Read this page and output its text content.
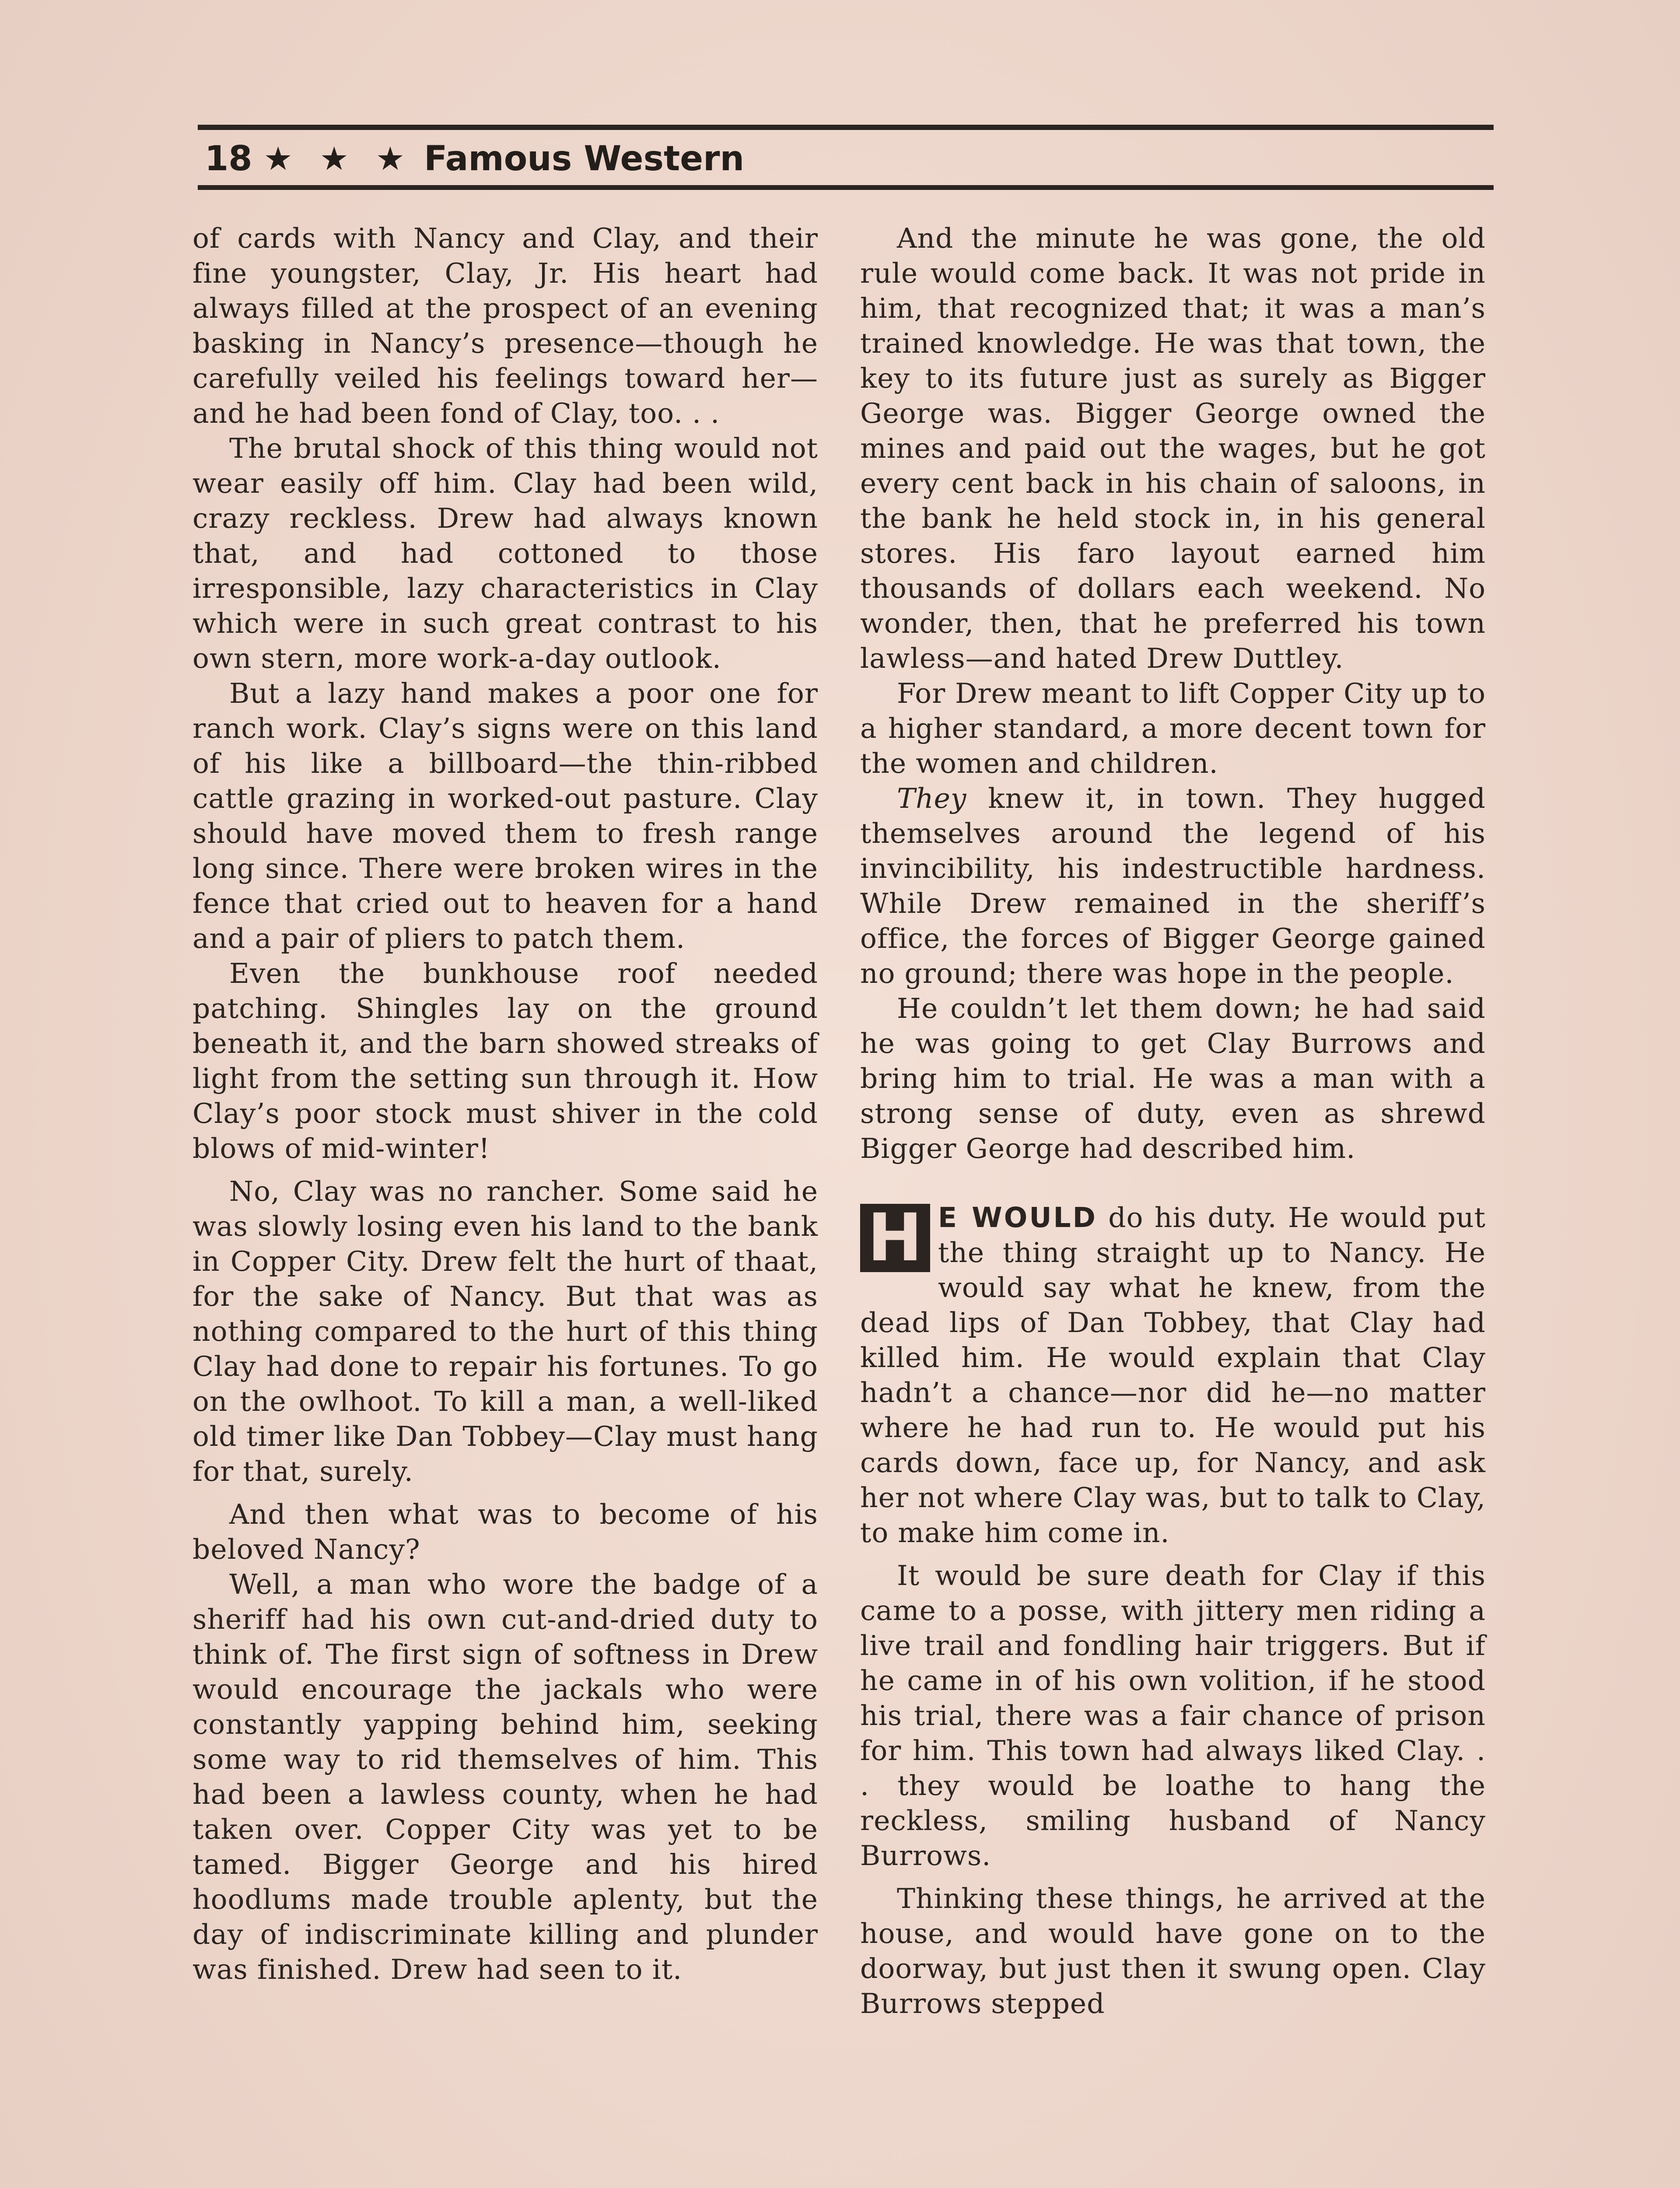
18 ★ ★ ★ Famous Western

of cards with Nancy and Clay, and their fine youngster, Clay, Jr. His heart had always filled at the prospect of an evening basking in Nancy’s presence—though he carefully veiled his feelings toward her—and he had been fond of Clay, too. . .

The brutal shock of this thing would not wear easily off him. Clay had been wild, crazy reckless. Drew had always known that, and had cottoned to those irresponsible, lazy characteristics in Clay which were in such great contrast to his own stern, more work-a-day outlook.

But a lazy hand makes a poor one for ranch work. Clay’s signs were on this land of his like a billboard—the thin-ribbed cattle grazing in worked-out pasture. Clay should have moved them to fresh range long since. There were broken wires in the fence that cried out to heaven for a hand and a pair of pliers to patch them.

Even the bunkhouse roof needed patching. Shingles lay on the ground beneath it, and the barn showed streaks of light from the setting sun through it. How Clay’s poor stock must shiver in the cold blows of mid-winter!

No, Clay was no rancher. Some said he was slowly losing even his land to the bank in Copper City. Drew felt the hurt of thaat, for the sake of Nancy. But that was as nothing compared to the hurt of this thing Clay had done to repair his fortunes. To go on the owlhoot. To kill a man, a well-liked old timer like Dan Tobbey—Clay must hang for that, surely.

And then what was to become of his beloved Nancy?

Well, a man who wore the badge of a sheriff had his own cut-and-dried duty to think of. The first sign of softness in Drew would encourage the jackals who were constantly yapping behind him, seeking some way to rid themselves of him. This had been a lawless county, when he had taken over. Copper City was yet to be tamed. Bigger George and his hired hoodlums made trouble aplenty, but the day of indiscriminate killing and plunder was finished. Drew had seen to it.

And the minute he was gone, the old rule would come back. It was not pride in him, that recognized that; it was a man’s trained knowledge. He was that town, the key to its future just as surely as Bigger George was. Bigger George owned the mines and paid out the wages, but he got every cent back in his chain of saloons, in the bank he held stock in, in his general stores. His faro layout earned him thousands of dollars each weekend. No wonder, then, that he preferred his town lawless—and hated Drew Duttley.

For Drew meant to lift Copper City up to a higher standard, a more decent town for the women and children.

They knew it, in town. They hugged themselves around the legend of his invincibility, his indestructible hardness. While Drew remained in the sheriff’s office, the forces of Bigger George gained no ground; there was hope in the people.

He couldn’t let them down; he had said he was going to get Clay Burrows and bring him to trial. He was a man with a strong sense of duty, even as shrewd Bigger George had described him.

H E WOULD do his duty. He would put the thing straight up to Nancy. He would say what he knew, from the dead lips of Dan Tobbey, that Clay had killed him. He would explain that Clay hadn’t a chance—nor did he—no matter where he had run to. He would put his cards down, face up, for Nancy, and ask her not where Clay was, but to talk to Clay, to make him come in.

It would be sure death for Clay if this came to a posse, with jittery men riding a live trail and fondling hair triggers. But if he came in of his own volition, if he stood his trial, there was a fair chance of prison for him. This town had always liked Clay. . . they would be loathe to hang the reckless, smiling husband of Nancy Burrows.

Thinking these things, he arrived at the house, and would have gone on to the doorway, but just then it swung open. Clay Burrows stepped
